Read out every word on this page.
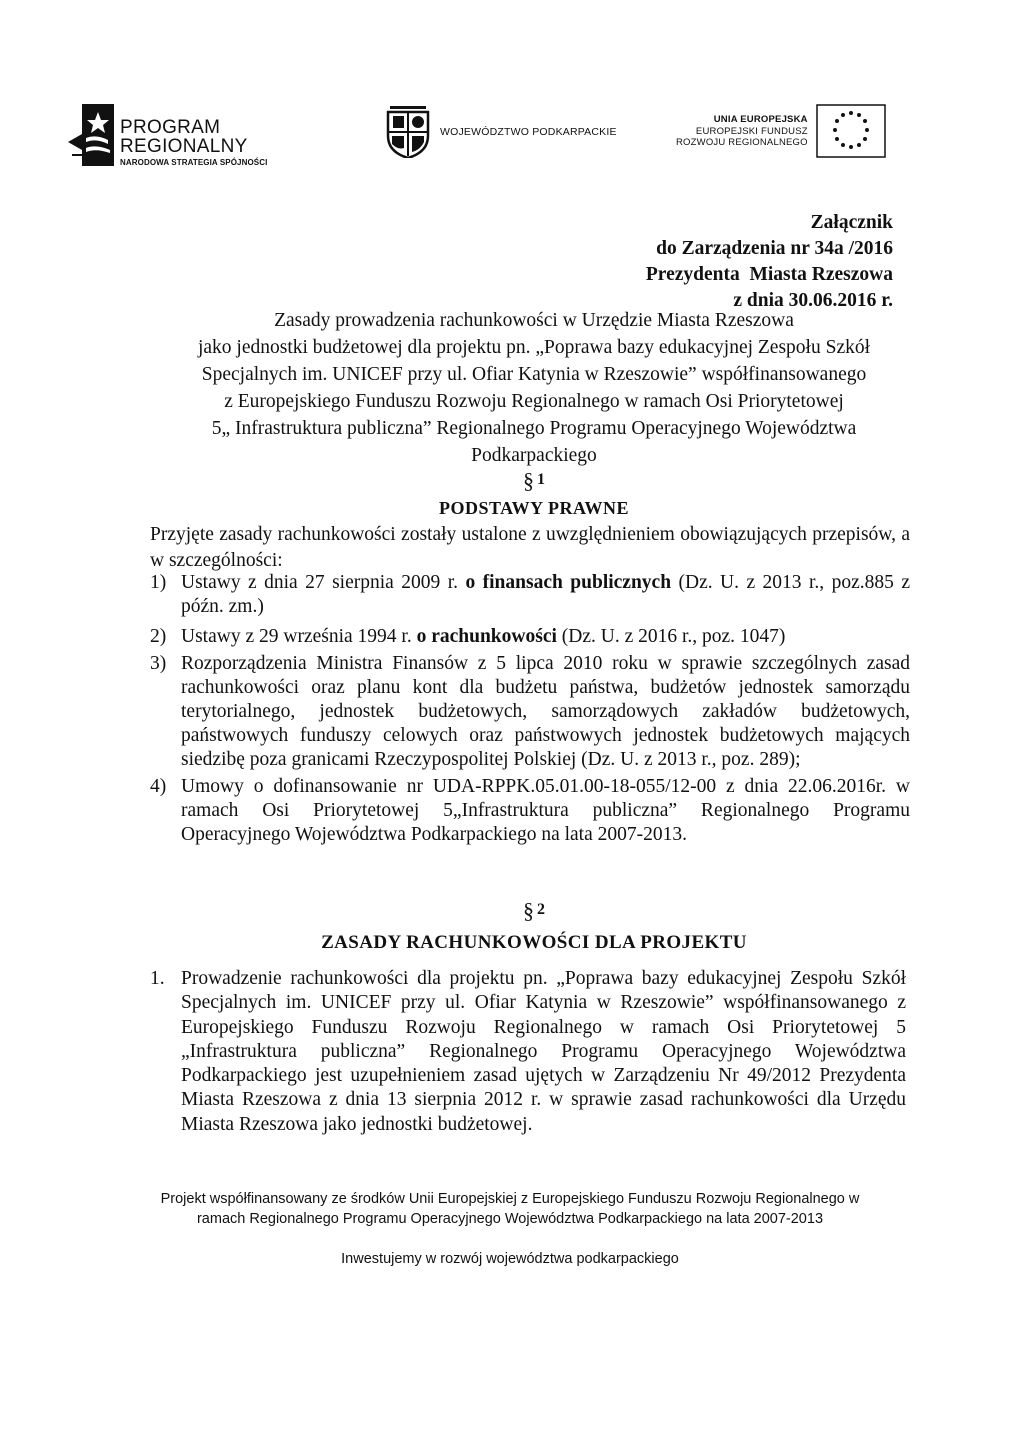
PROGRAM
REGIONALNY
NARODOWA STRATEGIA SPÓJNOŚCI
WOJEWÓDZTWO PODKARPACKIE
UNIA EUROPEJSKA
EUROPEJSKI FUNDUSZ
ROZWOJU REGIONALNEGO
Załącznik
do Zarządzenia nr 34a /2016
Prezydenta  Miasta Rzeszowa
z dnia 30.06.2016 r.
Zasady prowadzenia rachunkowości w Urzędzie Miasta Rzeszowa
jako jednostki budżetowej dla projektu pn. „Poprawa bazy edukacyjnej Zespołu Szkół
Specjalnych im. UNICEF przy ul. Ofiar Katynia w Rzeszowie” współfinansowanego
z Europejskiego Funduszu Rozwoju Regionalnego w ramach Osi Priorytetowej
5„ Infrastruktura publiczna” Regionalnego Programu Operacyjnego Województwa
Podkarpackiego
§ 1
PODSTAWY PRAWNE
Przyjęte zasady rachunkowości zostały ustalone z uwzględnieniem obowiązujących przepisów, a w szczególności:
1) Ustawy z dnia 27 sierpnia 2009 r. o finansach publicznych (Dz. U. z 2013 r., poz.885 z późn. zm.)
2) Ustawy z 29 września 1994 r. o rachunkowości (Dz. U. z 2016 r., poz. 1047)
3) Rozporządzenia Ministra Finansów z 5 lipca 2010 roku w sprawie szczególnych zasad rachunkowości oraz planu kont dla budżetu państwa, budżetów jednostek samorządu terytorialnego, jednostek budżetowych, samorządowych zakładów budżetowych, państwowych funduszy celowych oraz państwowych jednostek budżetowych mających siedzibę poza granicami Rzeczypospolitej Polskiej (Dz. U. z 2013 r., poz. 289);
4) Umowy o dofinansowanie nr UDA-RPPK.05.01.00-18-055/12-00 z dnia 22.06.2016r. w ramach Osi Priorytetowej 5„Infrastruktura publiczna” Regionalnego Programu Operacyjnego Województwa Podkarpackiego na lata 2007-2013.
§ 2
ZASADY RACHUNKOWOŚCI DLA PROJEKTU
1. Prowadzenie rachunkowości dla projektu pn. „Poprawa bazy edukacyjnej Zespołu Szkół Specjalnych im. UNICEF przy ul. Ofiar Katynia w Rzeszowie” współfinansowanego z Europejskiego Funduszu Rozwoju Regionalnego w ramach Osi Priorytetowej 5 „Infrastruktura publiczna” Regionalnego Programu Operacyjnego Województwa Podkarpackiego jest uzupełnieniem zasad ujętych w Zarządzeniu Nr 49/2012 Prezydenta Miasta Rzeszowa z dnia 13 sierpnia 2012 r. w sprawie zasad rachunkowości dla Urzędu Miasta Rzeszowa jako jednostki budżetowej.
Projekt współfinansowany ze środków Unii Europejskiej z Europejskiego Funduszu Rozwoju Regionalnego w
ramach Regionalnego Programu Operacyjnego Województwa Podkarpackiego na lata 2007-2013
Inwestujemy w rozwój województwa podkarpackiego
